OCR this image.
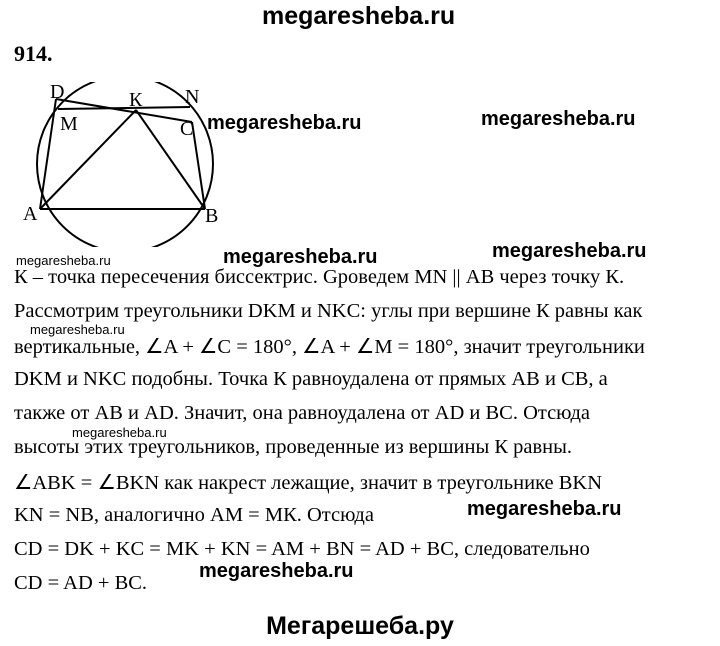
megaresheba.ru
914.
D
M
К N
C
A	B
megaresheba.ru	megaresheba.ru
megaresheba.ru	megaresheba.ru
megaresheba.ru
К – точка пересечения биссектрис. Gроведем MN || АВ через точку К.
Рассмотрим треугольники DKM и NKC: углы при вершине К равны как
megaresheba.ru
вертикальные, ∠A + ∠C = 180°, ∠A + ∠M = 180°, значит треугольники
DKM и NKC подобны. Точка К равноудалена от прямых АВ и СВ, а
также от АВ и AD. Значит, она равноудалена от AD и ВС. Отсюда
megaresheba.ru
высоты этих треугольников, проведенные из вершины К равны.
∠ABK = ∠BKN как накрест лежащие, значит в треугольнике BKN
KN = NB, аналогично АМ = МК. Отсюда	megaresheba.ru
CD = DK + KC = MK + KN = AM + BN = AD + BC, следовательно
megaresheba.ru
CD = AD + BC.
Мегарешеба.ру
